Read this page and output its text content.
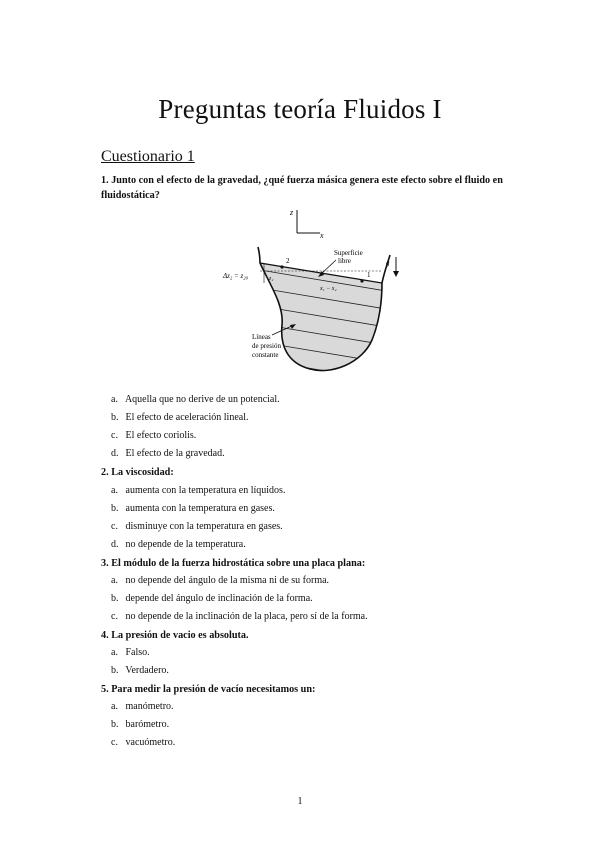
Preguntas teoría Fluidos I
Cuestionario 1
1. Junto con el efecto de la gravedad, ¿qué fuerza másica genera este efecto sobre el fluido en fluidostática?
z
x
2
1
Δz₂ = z₂₀	z₂
x₁ − x₂
Superficie
libre	g
Líneas
de presión
constante
a. Aquella que no derive de un potencial.
b. El efecto de aceleración lineal.
c. El efecto coriolis.
d. El efecto de la gravedad.
2. La viscosidad:
a. aumenta con la temperatura en líquidos.
b. aumenta con la temperatura en gases.
c. disminuye con la temperatura en gases.
d. no depende de la temperatura.
3. El módulo de la fuerza hidrostática sobre una placa plana:
a. no depende del ángulo de la misma ni de su forma.
b. depende del ángulo de inclinación de la forma.
c. no depende de la inclinación de la placa, pero sí de la forma.
4. La presión de vacio es absoluta.
a. Falso.
b. Verdadero.
5. Para medir la presión de vacío necesitamos un:
a. manómetro.
b. barómetro.
c. vacuómetro.
1
